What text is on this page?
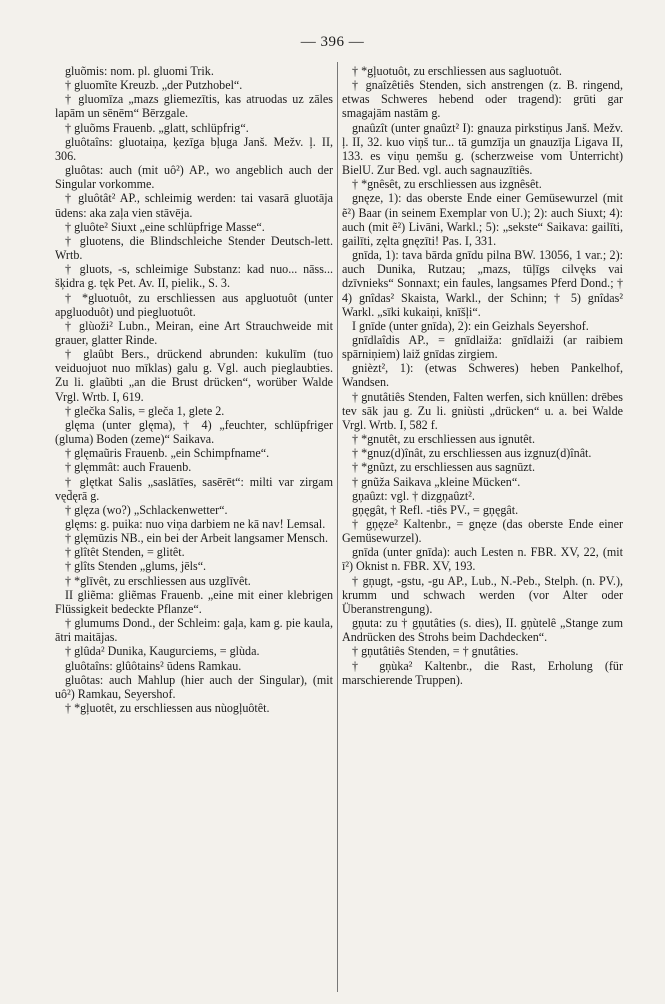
— 396 —
gluõmis: nom. pl. gluomi Trik.
† gluomĩte Kreuzb. „der Putzhobel“.
† gluomīza „mazs gliemezītis, kas atruodas uz zāles lapām un sēnēm“ Bērzgale.
† gluõms Frauenb. „glatt, schlüpfrig“.
gluôtaîns: gluotaiņa, ķezīga bļuga Janš. Mežv. ļ. II, 306.
gluôtas: auch (mit uô²) AP., wo angeblich auch der Singular vorkomme.
† gluôtât² AP., schleimig werden: tai vasarā gluotāja ūdens: aka zaļa vien stāvēja.
† gluôte² Siuxt „eine schlüpfrige Masse“.
† gluotens, die Blindschleiche Stender Deutsch-lett. Wrtb.
† gluots, -s, schleimige Substanz: kad nuo... nāss... šķidra g. tęk Pet. Av. II, pielik., S. 3.
† *gluotuôt, zu erschliessen aus apgluotuôt (unter apgluoduôt) und piegluotuôt.
† glùoži² Lubn., Meiran, eine Art Strauchweide mit grauer, glatter Rinde.
† glaûbt Bers., drückend abrunden: kukulīm (tuo veiduojuot nuo mīklas) galu g. Vgl. auch pieglaubties. Zu li. glaũbti „an die Brust drücken“, worüber Walde Vrgl. Wrtb. I, 619.
† glečka Salis, = gleča 1, glete 2.
glęma (unter glęma), † 4) „feuchter, schlüpfriger (gluma) Boden (zeme)“ Saikava.
† glęmaũris Frauenb. „ein Schimpfname“.
† glęmmât: auch Frauenb.
† glętkat Salis „saslātīes, sasērēt“: milti var zirgam vęd̄ęrā g.
† glęza (wo?) „Schlackenwetter“.
glęms: g. puika: nuo viņa darbiem ne kā nav! Lemsal.
† glęmūzis NB., ein bei der Arbeit langsamer Mensch.
† glîtêt Stenden, = glitêt.
† glîts Stenden „glums, jēls“.
† *glīvêt, zu erschliessen aus uzglīvêt.
II gliẽma: gliẽmas Frauenb. „eine mit einer klebrigen Flüssigkeit bedeckte Pflanze“.
† glumums Dond., der Schleim: gaļa, kam g. pie kaula, ātri maitājas.
† glûda² Dunika, Kaugurciems, = glùda.
gluôtaîns: glûôtains² ūdens Ramkau.
gluôtas: auch Mahlup (hier auch der Singular), (mit uô²) Ramkau, Seyershof.
† *gļuotêt, zu erschliessen aus nùogļuôtêt.
† *gļuotuôt, zu erschliessen aus sagluotuôt.
† gnaîzêtiês Stenden, sich anstrengen (z. B. ringend, etwas Schweres hebend oder tragend): grūti gar smagajām nastām g.
gnaûzît (unter gnaûzt² I): gnauza pirkstiņus Janš. Mežv. ļ. II, 32. kuo viņš tur... tā gumzīja un gnauzīja Ligava II, 133. es viņu ņemšu g. (scherzweise vom Unterricht) BielU. Zur Bed. vgl. auch sagnauzītiês.
† *gnêsêt, zu erschliessen aus izgnêsêt.
gnęze, 1): das oberste Ende einer Gemüsewurzel (mit ẽ²) Baar (in seinem Exemplar von U.); 2): auch Siuxt; 4): auch (mit ẽ²) Livāni, Warkl.; 5): „sekste“ Saikava: gailīti, gailīti, zęlta gnęzīti! Pas. I, 331.
gnīda, 1): tava bārda gnīdu pilna BW. 13056, 1 var.; 2): auch Dunika, Rutzau; „mazs, tūļīgs cilvęks vai dzīvnieks“ Sonnaxt; ein faules, langsames Pferd Dond.; † 4) gnîdas² Skaista, Warkl., der Schinn; † 5) gnîdas² Warkl. „sīki kukaiņi, knīšļi“.
I gnīde (unter gnīda), 2): ein Geizhals Seyershof.
gnīdlaîdis AP., = gnīdlaiža: gnīdlaiži (ar raibiem spārniņiem) laiž gnīdas zirgiem.
gnièzt², 1): (etwas Schweres) heben Pankelhof, Wandsen.
† gnutâtiês Stenden, Falten werfen, sich knüllen: drēbes tev sāk jau g. Zu li. gniùsti „drücken“ u. a. bei Walde Vrgl. Wrtb. I, 582 f.
† *gnutêt, zu erschliessen aus ignutêt.
† *gnuz(d)înât, zu erschliessen aus izgnuz(d)înât.
† *gnũzt, zu erschliessen aus sagnūzt.
† gnũža Saikava „kleine Mücken“.
gņaûzt: vgl. † dizgņaûzt².
gņęgât, † Refl. -tiês PV., = gņęgât.
† gņęze² Kaltenbr., = gnęze (das oberste Ende einer Gemüsewurzel).
gnīda (unter gnīda): auch Lesten n. FBR. XV, 22, (mit ī²) Oknist n. FBR. XV, 193.
† gņugt, -gstu, -gu AP., Lub., N.-Peb., Stelph. (n. PV.), krumm und schwach werden (vor Alter oder Überanstrengung).
gņuta: zu † gņutâties (s. dies), II. gņùtelê „Stange zum Andrücken des Strohs beim Dachdecken“.
† gņutâtiês Stenden, = † gnutâties.
† gņùka² Kaltenbr., die Rast, Erholung (für marschierende Truppen).
